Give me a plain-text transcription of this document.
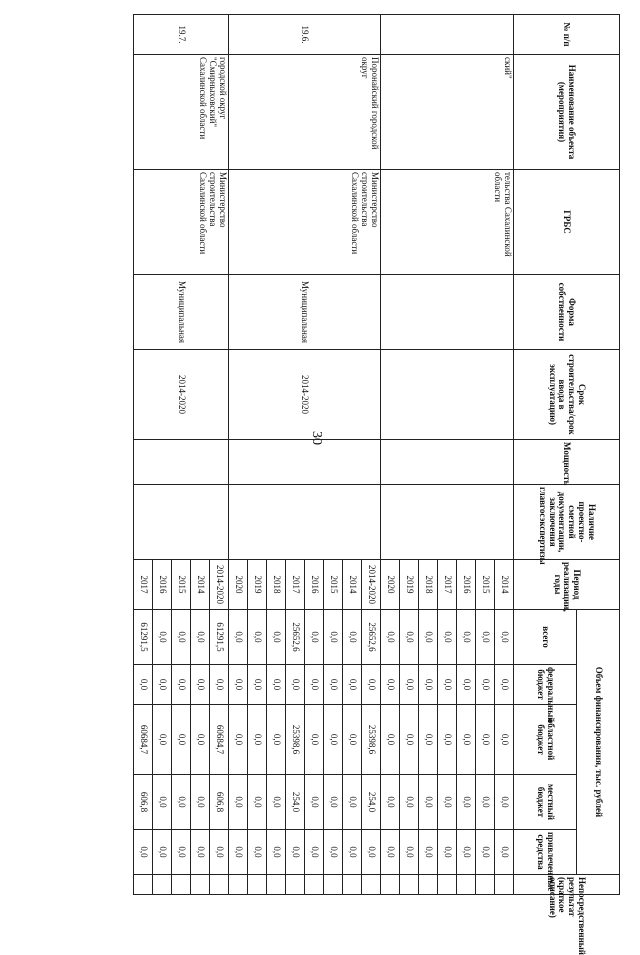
30
№ п/п	Наименование объекта (мероприятия)	ГРБС	Форма собственности	Срок строительства/срок ввода в эксплуатацию)	Мощность	Наличие проектно-сметной документации, заключения главгосэкспертизы	Период реализации, годы	Объем финансирования, тыс. рублей					Непосредственный результат (краткое описание)
								всего	федеральный бюджет	областной бюджет	местный бюджет	привлеченные средства	
	ский"	тельства Сахалинской области					2014	0,0	0,0	0,0	0,0	0,0	
							2015	0,0	0,0	0,0	0,0	0,0	
							2016	0,0	0,0	0,0	0,0	0,0	
							2017	0,0	0,0	0,0	0,0	0,0	
							2018	0,0	0,0	0,0	0,0	0,0	
							2019	0,0	0,0	0,0	0,0	0,0	
							2020	0,0	0,0	0,0	0,0	0,0	
19.6.	Поронайский городской округ	Министерство строительства Сахалинской области	Муниципальная	2014-2020			2014-2020	25652,6	0,0	25398,6	254,0	0,0	
							2014	0,0	0,0	0,0	0,0	0,0	
							2015	0,0	0,0	0,0	0,0	0,0	
							2016	0,0	0,0	0,0	0,0	0,0	
							2017	25652,6	0,0	25398,6	254,0	0,0	
							2018	0,0	0,0	0,0	0,0	0,0	
							2019	0,0	0,0	0,0	0,0	0,0	
							2020	0,0	0,0	0,0	0,0	0,0	
19.7.	городской округ "Смирныховский" Сахалинской области	Министерство строительства Сахалинской области	Муниципальная	2014-2020			2014-2020	61291,5	0,0	60684,7	606,8	0,0	
							2014	0,0	0,0	0,0	0,0	0,0	
							2015	0,0	0,0	0,0	0,0	0,0	
							2016	0,0	0,0	0,0	0,0	0,0	
							2017	61291,5	0,0	60684,7	606,8	0,0	
